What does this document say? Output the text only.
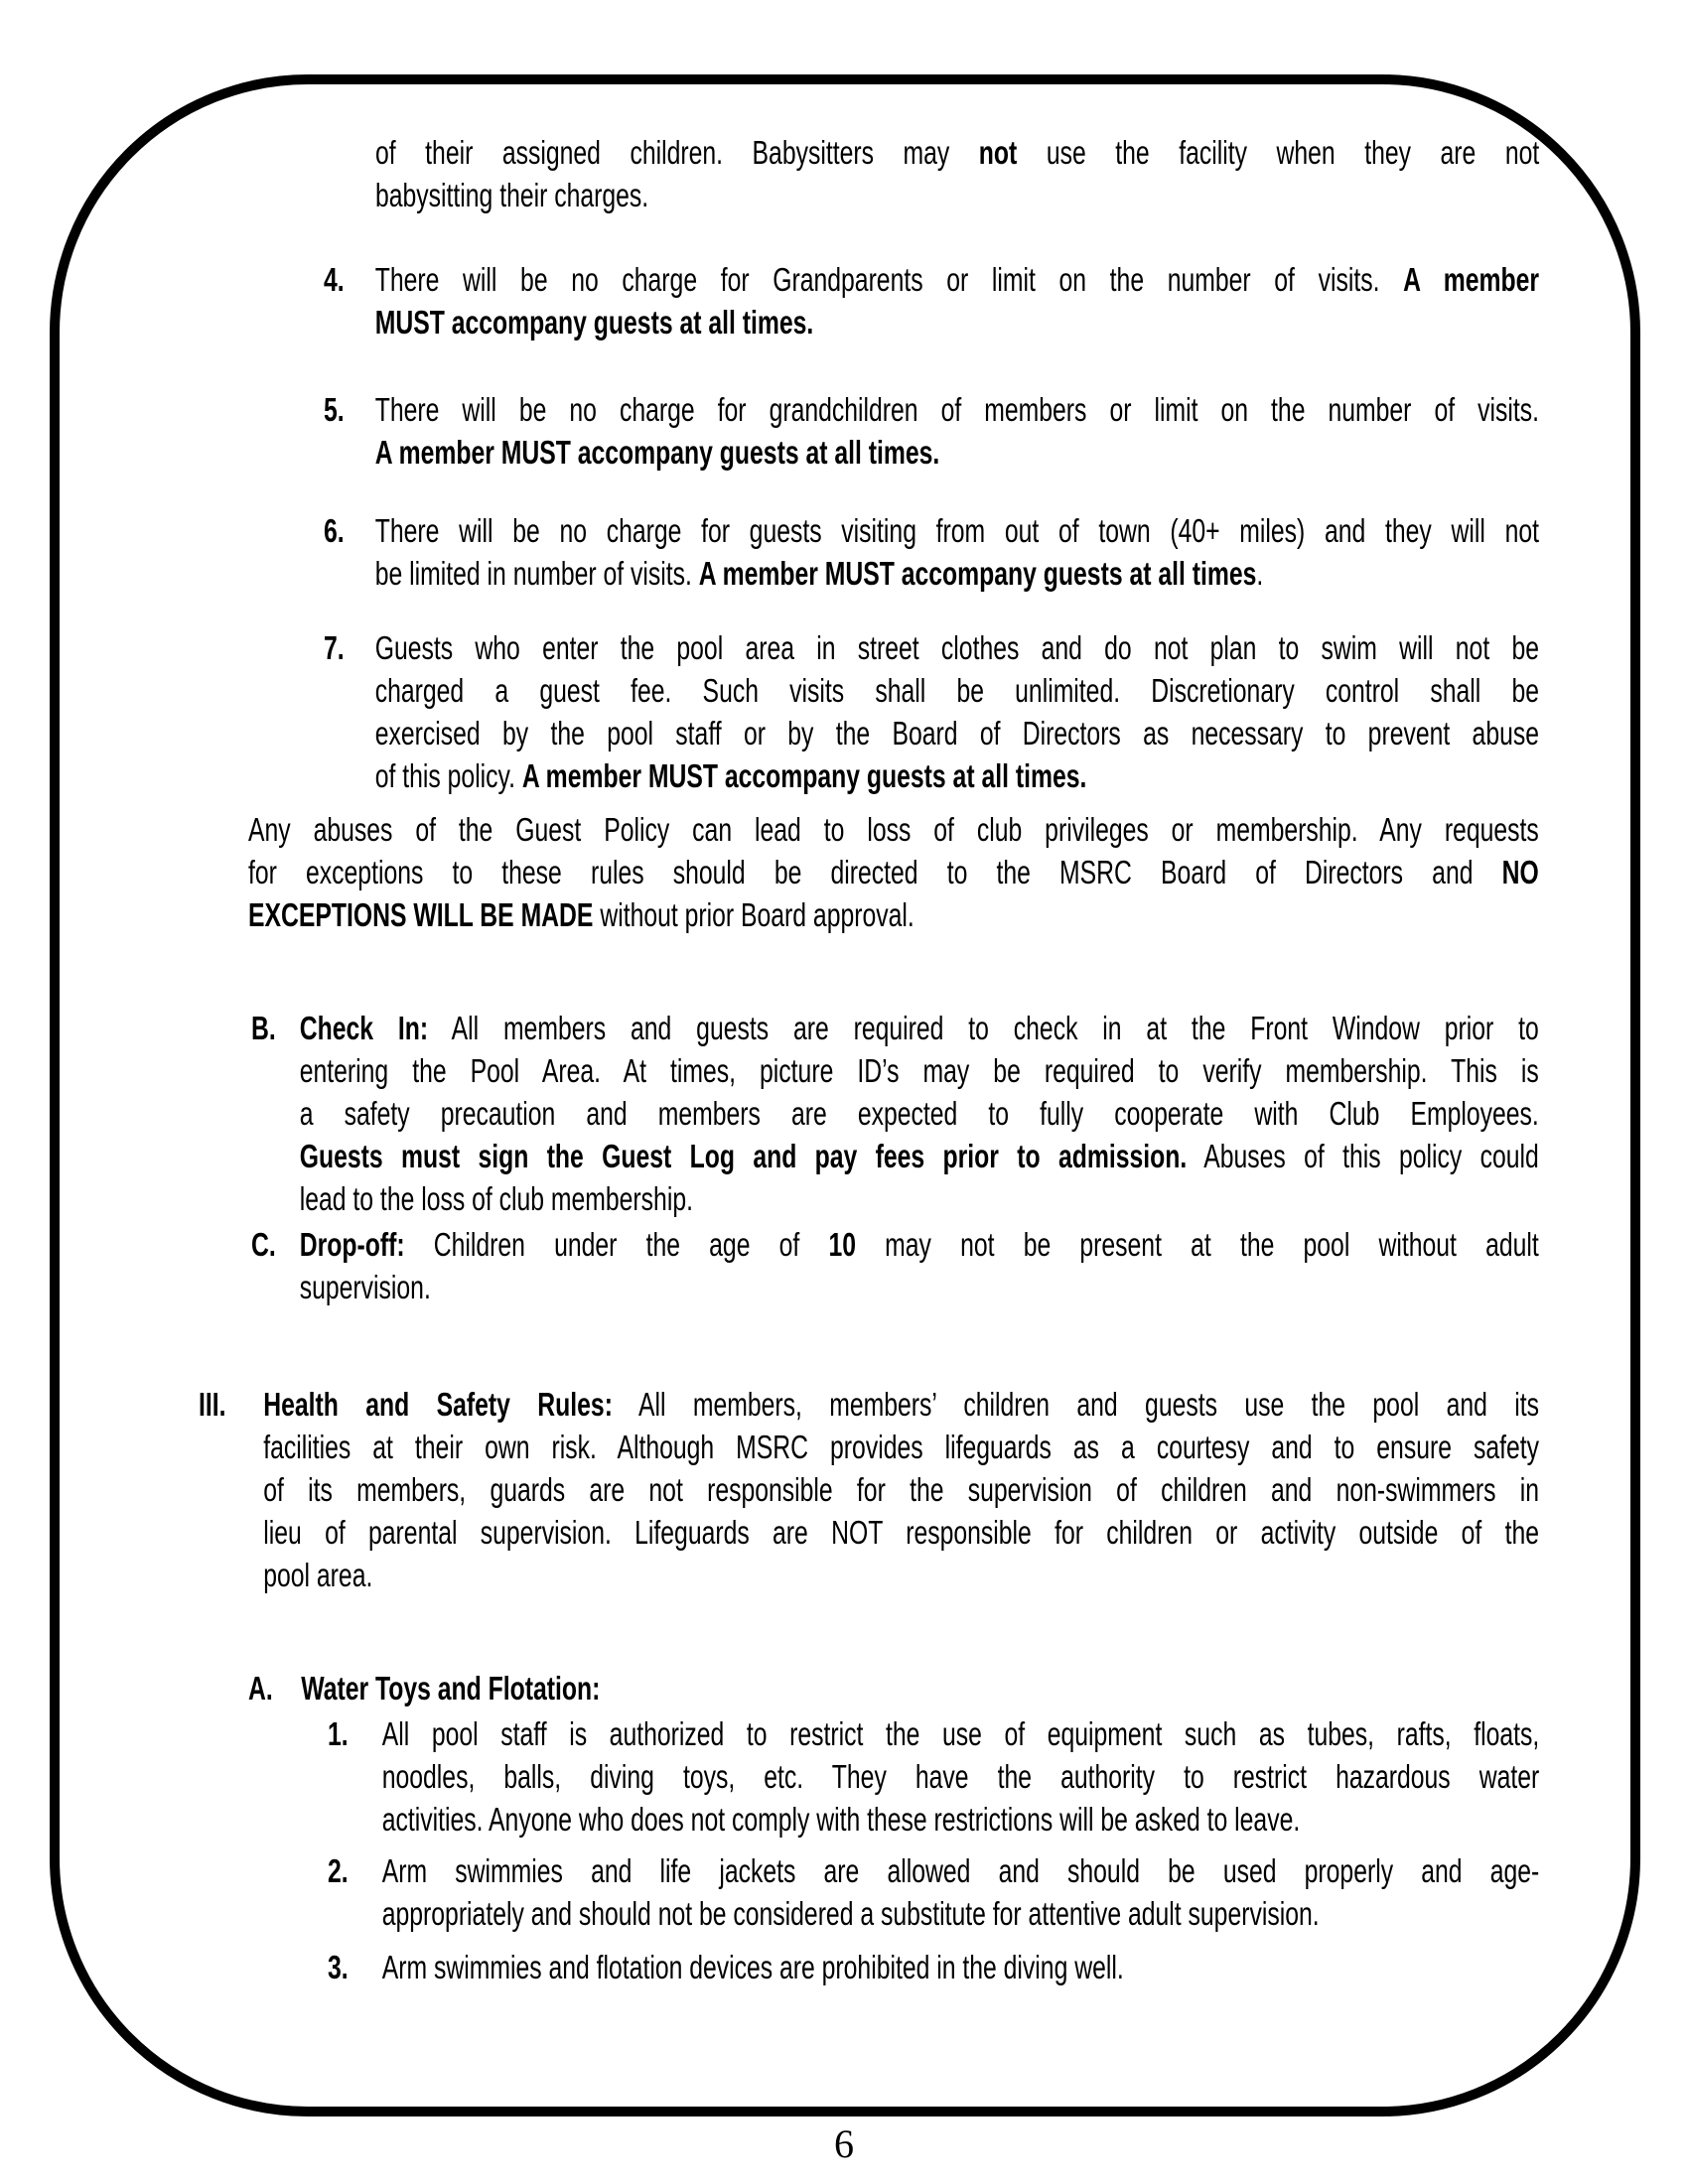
of their assigned children. Babysitters may not use the facility when they are not
babysitting their charges.
4. There will be no charge for Grandparents or limit on the number of visits. A member
MUST accompany guests at all times.
5. There will be no charge for grandchildren of members or limit on the number of visits.
A member MUST accompany guests at all times.
6. There will be no charge for guests visiting from out of town (40+ miles) and they will not
be limited in number of visits. A member MUST accompany guests at all times.
7. Guests who enter the pool area in street clothes and do not plan to swim will not be
charged a guest fee. Such visits shall be unlimited. Discretionary control shall be
exercised by the pool staff or by the Board of Directors as necessary to prevent abuse
of this policy. A member MUST accompany guests at all times.
Any abuses of the Guest Policy can lead to loss of club privileges or membership. Any requests
for exceptions to these rules should be directed to the MSRC Board of Directors and NO
EXCEPTIONS WILL BE MADE without prior Board approval.
B. Check In: All members and guests are required to check in at the Front Window prior to
entering the Pool Area. At times, picture ID’s may be required to verify membership. This is
a safety precaution and members are expected to fully cooperate with Club Employees.
Guests must sign the Guest Log and pay fees prior to admission. Abuses of this policy could
lead to the loss of club membership.
C. Drop-off: Children under the age of 10 may not be present at the pool without adult
supervision.
III.	Health and Safety Rules: All members, members’ children and guests use the pool and its
facilities at their own risk. Although MSRC provides lifeguards as a courtesy and to ensure safety
of its members, guards are not responsible for the supervision of children and non-swimmers in
lieu of parental supervision. Lifeguards are NOT responsible for children or activity outside of the
pool area.
A. Water Toys and Flotation:
1.	All pool staff is authorized to restrict the use of equipment such as tubes, rafts, floats,
noodles, balls, diving toys, etc. They have the authority to restrict hazardous water
activities. Anyone who does not comply with these restrictions will be asked to leave.
2.	Arm swimmies and life jackets are allowed and should be used properly and age-
appropriately and should not be considered a substitute for attentive adult supervision.
3.	Arm swimmies and flotation devices are prohibited in the diving well.
6
